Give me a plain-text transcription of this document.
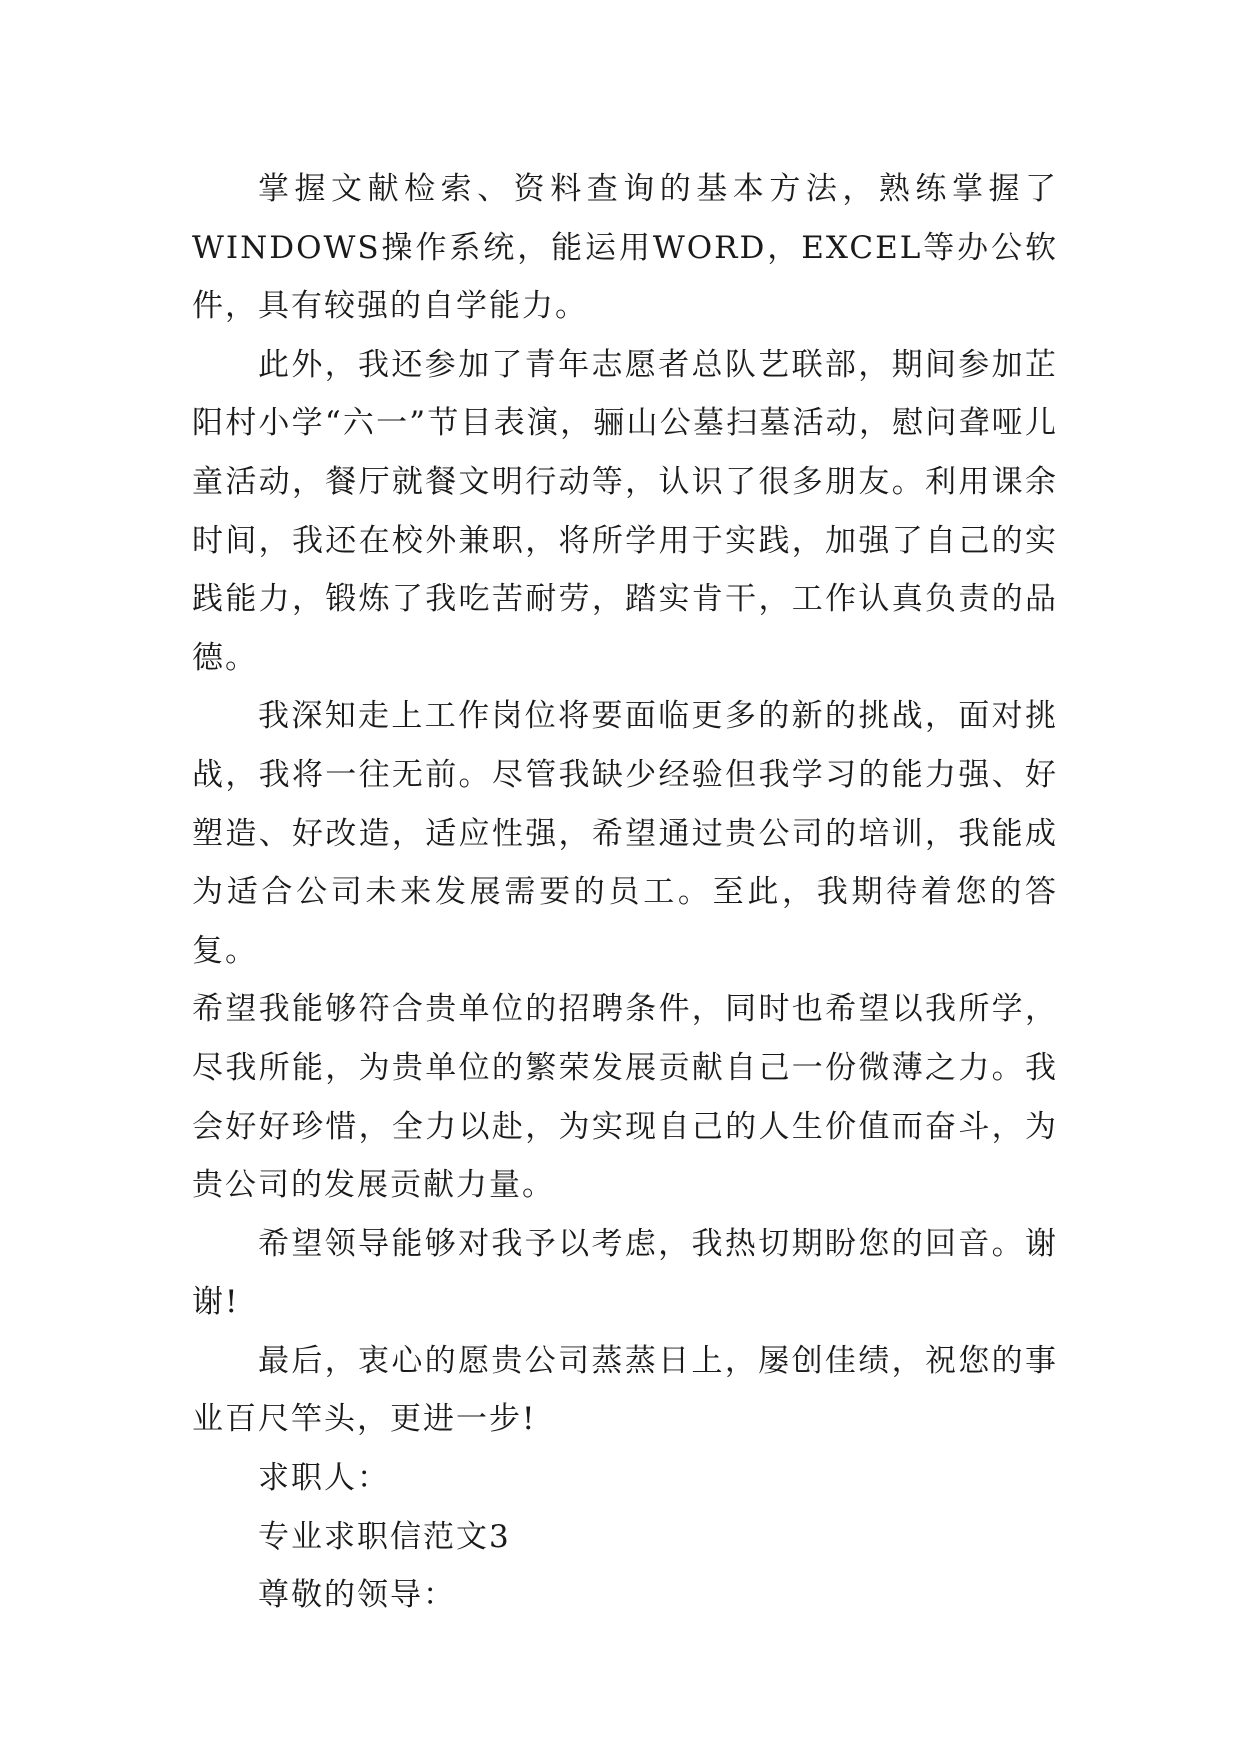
掌握文献检索、资料查询的基本方法，熟练掌握了WINDOWS操作系统，能运用WORD，EXCEL等办公软件，具有较强的自学能力。

此外，我还参加了青年志愿者总队艺联部，期间参加芷阳村小学“六一”节目表演，骊山公墓扫墓活动，慰问聋哑儿童活动，餐厅就餐文明行动等，认识了很多朋友。利用课余时间，我还在校外兼职，将所学用于实践，加强了自己的实践能力，锻炼了我吃苦耐劳，踏实肯干，工作认真负责的品德。

我深知走上工作岗位将要面临更多的新的挑战，面对挑战，我将一往无前。尽管我缺少经验但我学习的能力强、好塑造、好改造，适应性强，希望通过贵公司的培训，我能成为适合公司未来发展需要的员工。至此，我期待着您的答复。

希望我能够符合贵单位的招聘条件，同时也希望以我所学，尽我所能，为贵单位的繁荣发展贡献自己一份微薄之力。我会好好珍惜，全力以赴，为实现自己的人生价值而奋斗，为贵公司的发展贡献力量。

希望领导能够对我予以考虑，我热切期盼您的回音。谢谢!

最后，衷心的愿贵公司蒸蒸日上，屡创佳绩，祝您的事业百尺竿头，更进一步!

求职人：

专业求职信范文3

尊敬的领导：
